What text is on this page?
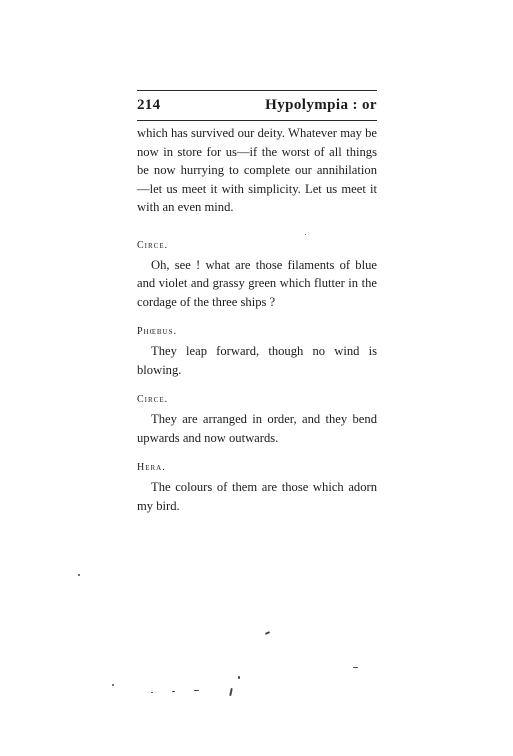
214	Hypolympia : or

which has survived our deity. Whatever may be now in store for us—if the worst of all things be now hurrying to complete our annihilation—let us meet it with simplicity. Let us meet it with an even mind.

Circe.

Oh, see ! what are those filaments of blue and violet and grassy green which flutter in the cordage of the three ships ?

Phœbus.

They leap forward, though no wind is blowing.

Circe.

They are arranged in order, and they bend upwards and now outwards.

Hera.

The colours of them are those which adorn my bird.
